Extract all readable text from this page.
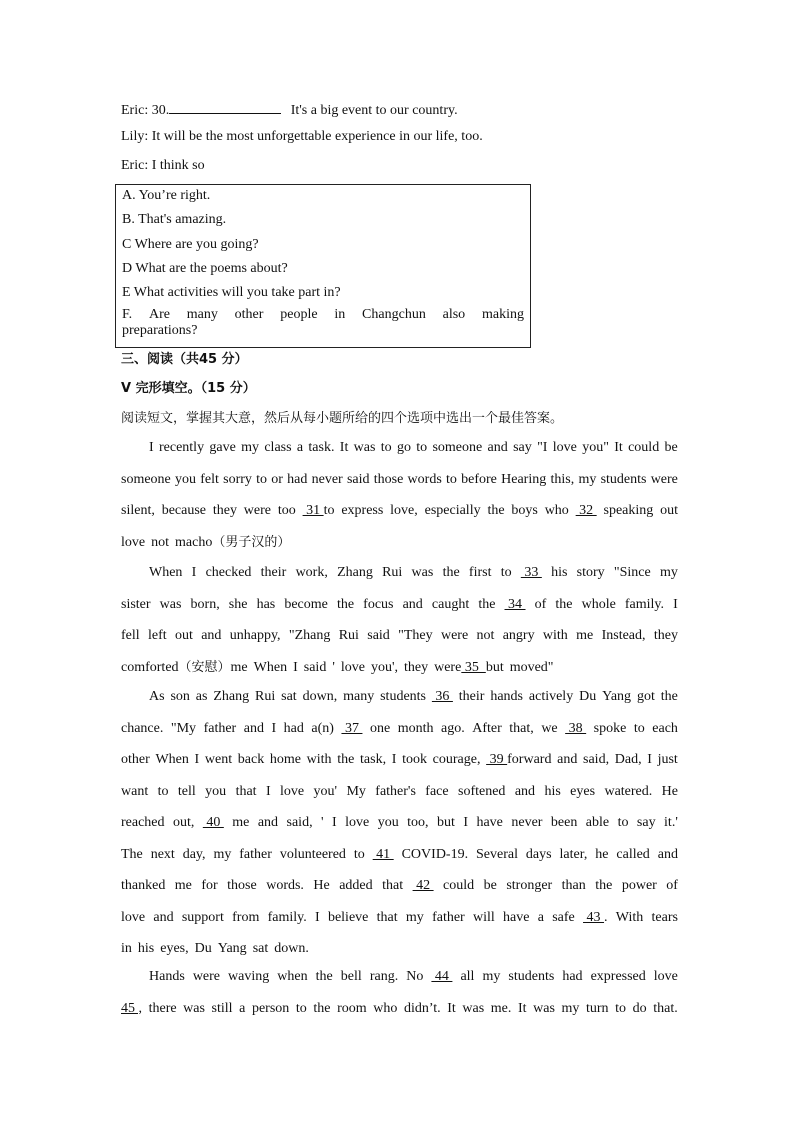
Eric: 30.	It's a big event to our country.
Lily: It will be the most unforgettable experience in our life, too.
Eric: I think so
A. You’re right.
B. That's amazing.
C Where are you going?
D What are the poems about?
E What activities will you take part in?
F. Are many other people in Changchun also making
preparations?
三、阅读（共45 分）
V 完形填空。（15 分）
阅读短文，掌握其大意，然后从每小题所给的四个选项中选出一个最佳答案。
I recently gave my class a task. It was to go to someone and say "I love you" It could be
someone you felt sorry to or had never said those words to before Hearing this, my students were
silent, because they were too 31 to express love, especially the boys who 32 speaking out
love not macho（男子汉的）
When I checked their work, Zhang Rui was the first to 33 his story "Since my
sister was born, she has become the focus and caught the 34 of the whole family. I
fell left out and unhappy, "Zhang Rui said "They were not angry with me Instead, they
comforted（安慰）me When I said ' love you', they were 35  but moved"
As son as Zhang Rui sat down, many students 36 their hands actively Du Yang got the
chance. "My father and I had a(n) 37 one month ago. After that, we 38 spoke to each
other When I went back home with the task, I took courage, 39 forward and said, Dad, I just
want to tell you that I love you' My father's face softened and his eyes watered. He
reached out, 40 me and said, ' I love you too, but I have never been able to say it.'
The next day, my father volunteered to 41 COVID-19. Several days later, he called and
thanked me for those words. He added that 42 could be stronger than the power of
love and support from family. I believe that my father will have a safe 43 . With tears
in his eyes, Du Yang sat down.
Hands were waving when the bell rang. No 44 all my students had expressed love
45 , there was still a person to the room who didn’t. It was me. It was my turn to do that.
